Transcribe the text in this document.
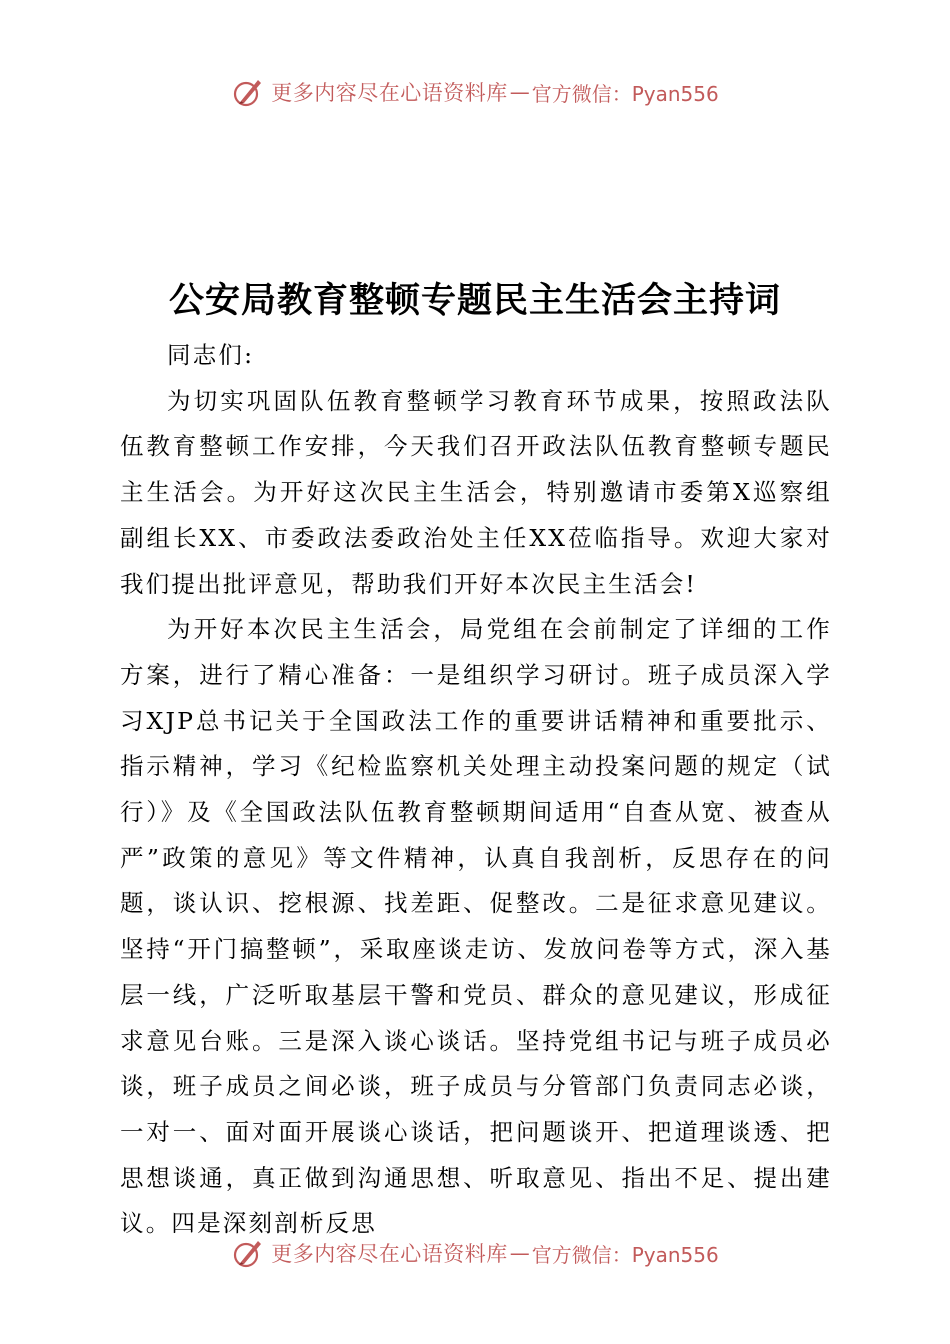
更多内容尽在心语资料库 — 官方微信：Pyan556
公安局教育整顿专题民主生活会主持词

同志们:

为切实巩固队伍教育整顿学习教育环节成果，按照政法队伍教育整顿工作安排，今天我们召开政法队伍教育整顿专题民主生活会。为开好这次民主生活会，特别邀请市委第X巡察组副组长XX、市委政法委政治处主任XX莅临指导。欢迎大家对我们提出批评意见，帮助我们开好本次民主生活会!

为开好本次民主生活会，局党组在会前制定了详细的工作方案，进行了精心准备：一是组织学习研讨。班子成员深入学习XJP总书记关于全国政法工作的重要讲话精神和重要批示、指示精神，学习《纪检监察机关处理主动投案问题的规定（试行）》及《全国政法队伍教育整顿期间适用“自查从宽、被查从严”政策的意见》等文件精神，认真自我剖析，反思存在的问题，谈认识、挖根源、找差距、促整改。二是征求意见建议。坚持“开门搞整顿”，采取座谈走访、发放问卷等方式，深入基层一线，广泛听取基层干警和党员、群众的意见建议，形成征求意见台账。三是深入谈心谈话。坚持党组书记与班子成员必谈，班子成员之间必谈，班子成员与分管部门负责同志必谈，一对一、面对面开展谈心谈话，把问题谈开、把道理谈透、把思想谈通，真正做到沟通思想、听取意见、指出不足、提出建议。四是深刻剖析反思

更多内容尽在心语资料库 — 官方微信：Pyan556
